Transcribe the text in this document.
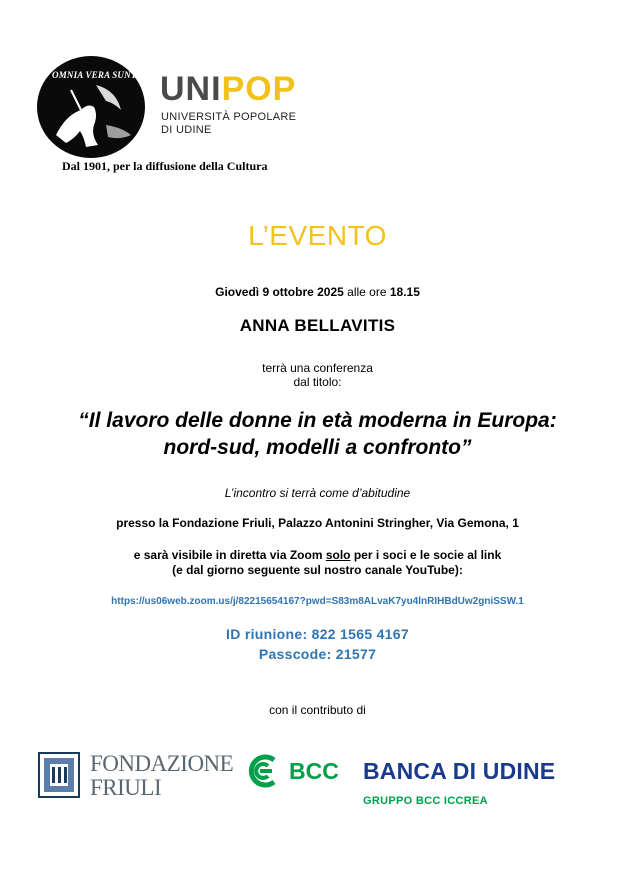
OMNIA VERA SUNT UNIPOP
UNIVERSITÀ POPOLARE
DI UDINE
Dal 1901, per la diffusione della Cultura
L’EVENTO
Giovedì 9 ottobre 2025 alle ore 18.15
ANNA BELLAVITIS
terrà una conferenza
dal titolo:
“Il lavoro delle donne in età moderna in Europa:
nord-sud, modelli a confronto”
L’incontro si terrà come d’abitudine
presso la Fondazione Friuli, Palazzo Antonini Stringher, Via Gemona, 1
e sarà visibile in diretta via Zoom solo per i soci e le socie al link
(e dal giorno seguente sul nostro canale YouTube):
https://us06web.zoom.us/j/82215654167?pwd=S83m8ALvaK7yu4lnRIHBdUw2gniSSW.1
ID riunione: 822 1565 4167
Passcode: 21577
con il contributo di
FONDAZIONE
FRIULI
BCC BANCA DI UDINE
GRUPPO BCC ICCREA
